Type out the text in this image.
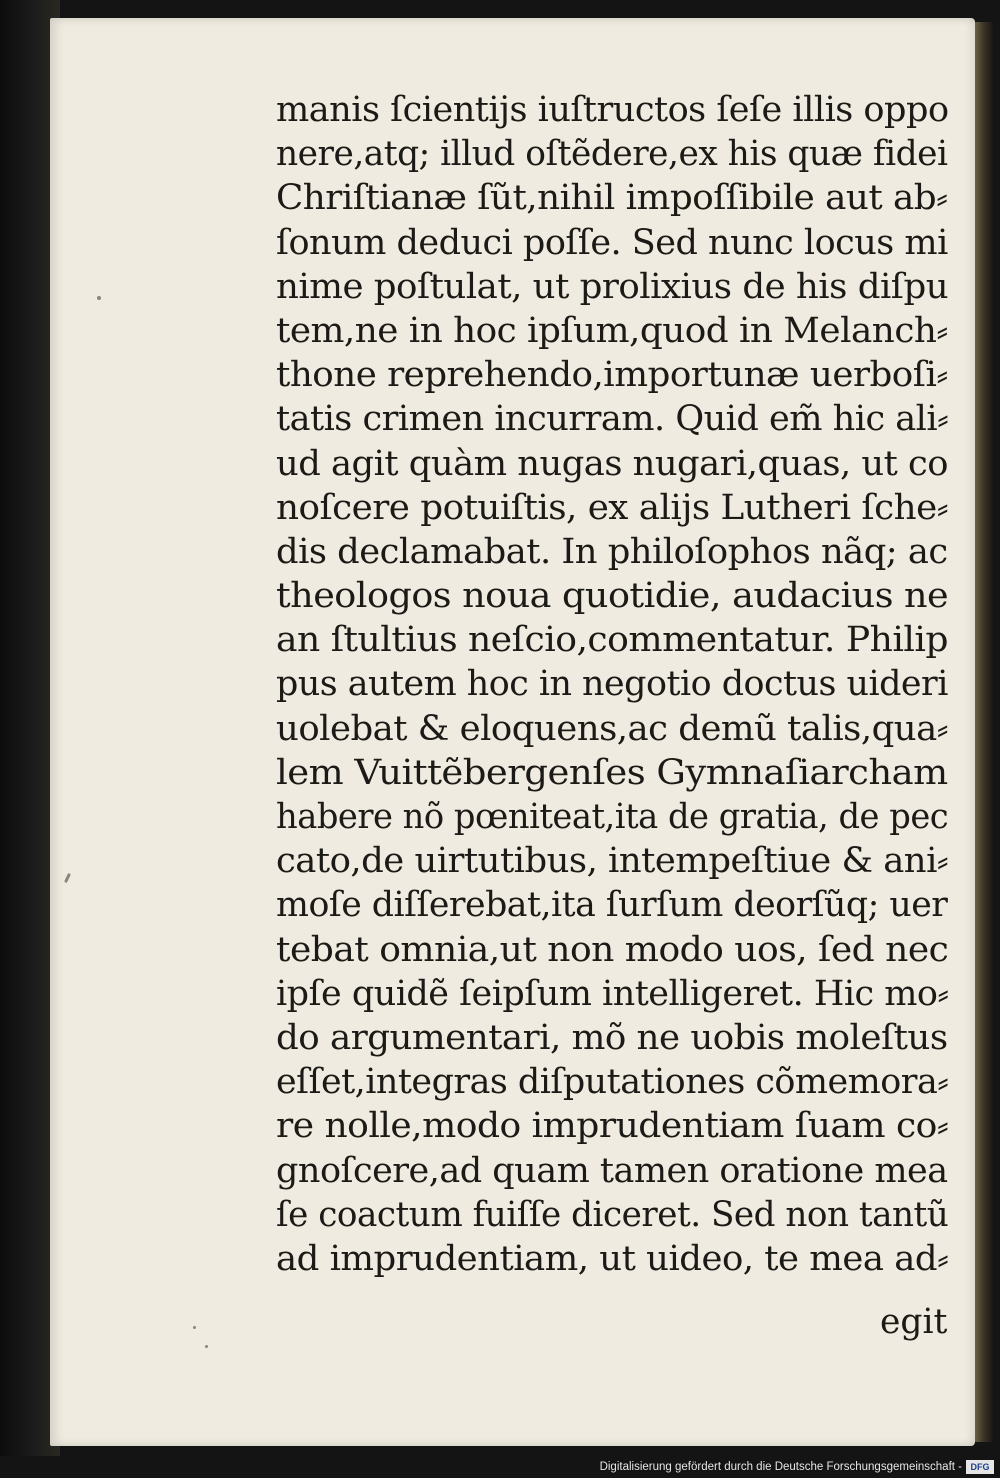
manis ſcientijs iuſtructos ſeſe illis oppo
nere,atq; illud oſtẽdere,ex his quæ fidei
Chriſtianæ ſũt,nihil impoſſibile aut ab⸗
ſonum deduci poſſe. Sed nunc locus mi
nime poſtulat, ut prolixius de his diſpu
tem,ne in hoc ipſum,quod in Melanch⸗
thone reprehendo,importunæ uerboſi⸗
tatis crimen incurram. Quid em̃ hic ali⸗
ud agit quàm nugas nugari,quas, ut co
noſcere potuiſtis, ex alijs Lutheri ſche⸗
dis declamabat. In philoſophos nãq; ac
theologos noua quotidie, audacius ne
an ſtultius neſcio,commentatur. Philip
pus autem hoc in negotio doctus uideri
uolebat & eloquens,ac demũ talis,qua⸗
lem Vuittẽbergenſes Gymnaſiarcham
habere nõ pœniteat,ita de gratia, de pec
cato,de uirtutibus, intempeſtiue & ani⸗
moſe diſſerebat,ita ſurſum deorſũq; uer
tebat omnia,ut non modo uos, ſed nec
ipſe quidẽ ſeipſum intelligeret. Hic mo⸗
do argumentari, mõ ne uobis moleſtus
eſſet,integras diſputationes cõmemora⸗
re nolle,modo imprudentiam ſuam co⸗
gnoſcere,ad quam tamen oratione mea
ſe coactum fuiſſe diceret. Sed non tantũ
ad imprudentiam, ut uideo, te mea ad⸗
egit
Digitalisierung gefördert durch die Deutsche Forschungsgemeinschaft - DFG
